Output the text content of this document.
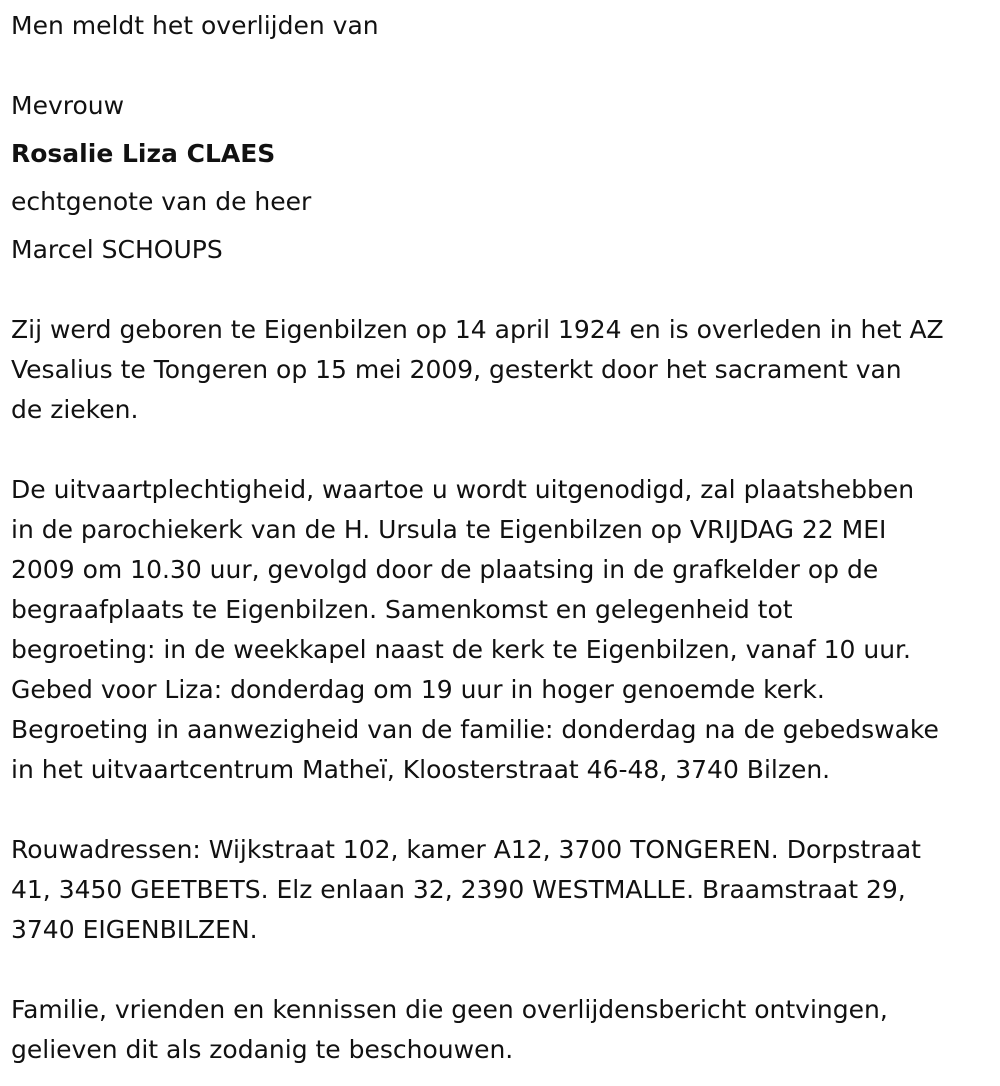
Men meldt het overlijden van
Mevrouw
Rosalie Liza CLAES
echtgenote van de heer
Marcel SCHOUPS
Zij werd geboren te Eigenbilzen op 14 april 1924 en is overleden in het AZ
Vesalius te Tongeren op 15 mei 2009, gesterkt door het sacrament van
de zieken.
De uitvaartplechtigheid, waartoe u wordt uitgenodigd, zal plaatshebben
in de parochiekerk van de H. Ursula te Eigenbilzen op VRIJDAG 22 MEI
2009 om 10.30 uur, gevolgd door de plaatsing in de grafkelder op de
begraafplaats te Eigenbilzen. Samenkomst en gelegenheid tot
begroeting: in de weekkapel naast de kerk te Eigenbilzen, vanaf 10 uur.
Gebed voor Liza: donderdag om 19 uur in hoger genoemde kerk.
Begroeting in aanwezigheid van de familie: donderdag na de gebedswake
in het uitvaartcentrum Matheï, Kloosterstraat 46-48, 3740 Bilzen.
Rouwadressen: Wijkstraat 102, kamer A12, 3700 TONGEREN. Dorpstraat
41, 3450 GEETBETS. Elz enlaan 32, 2390 WESTMALLE. Braamstraat 29,
3740 EIGENBILZEN.
Familie, vrienden en kennissen die geen overlijdensbericht ontvingen,
gelieven dit als zodanig te beschouwen.
